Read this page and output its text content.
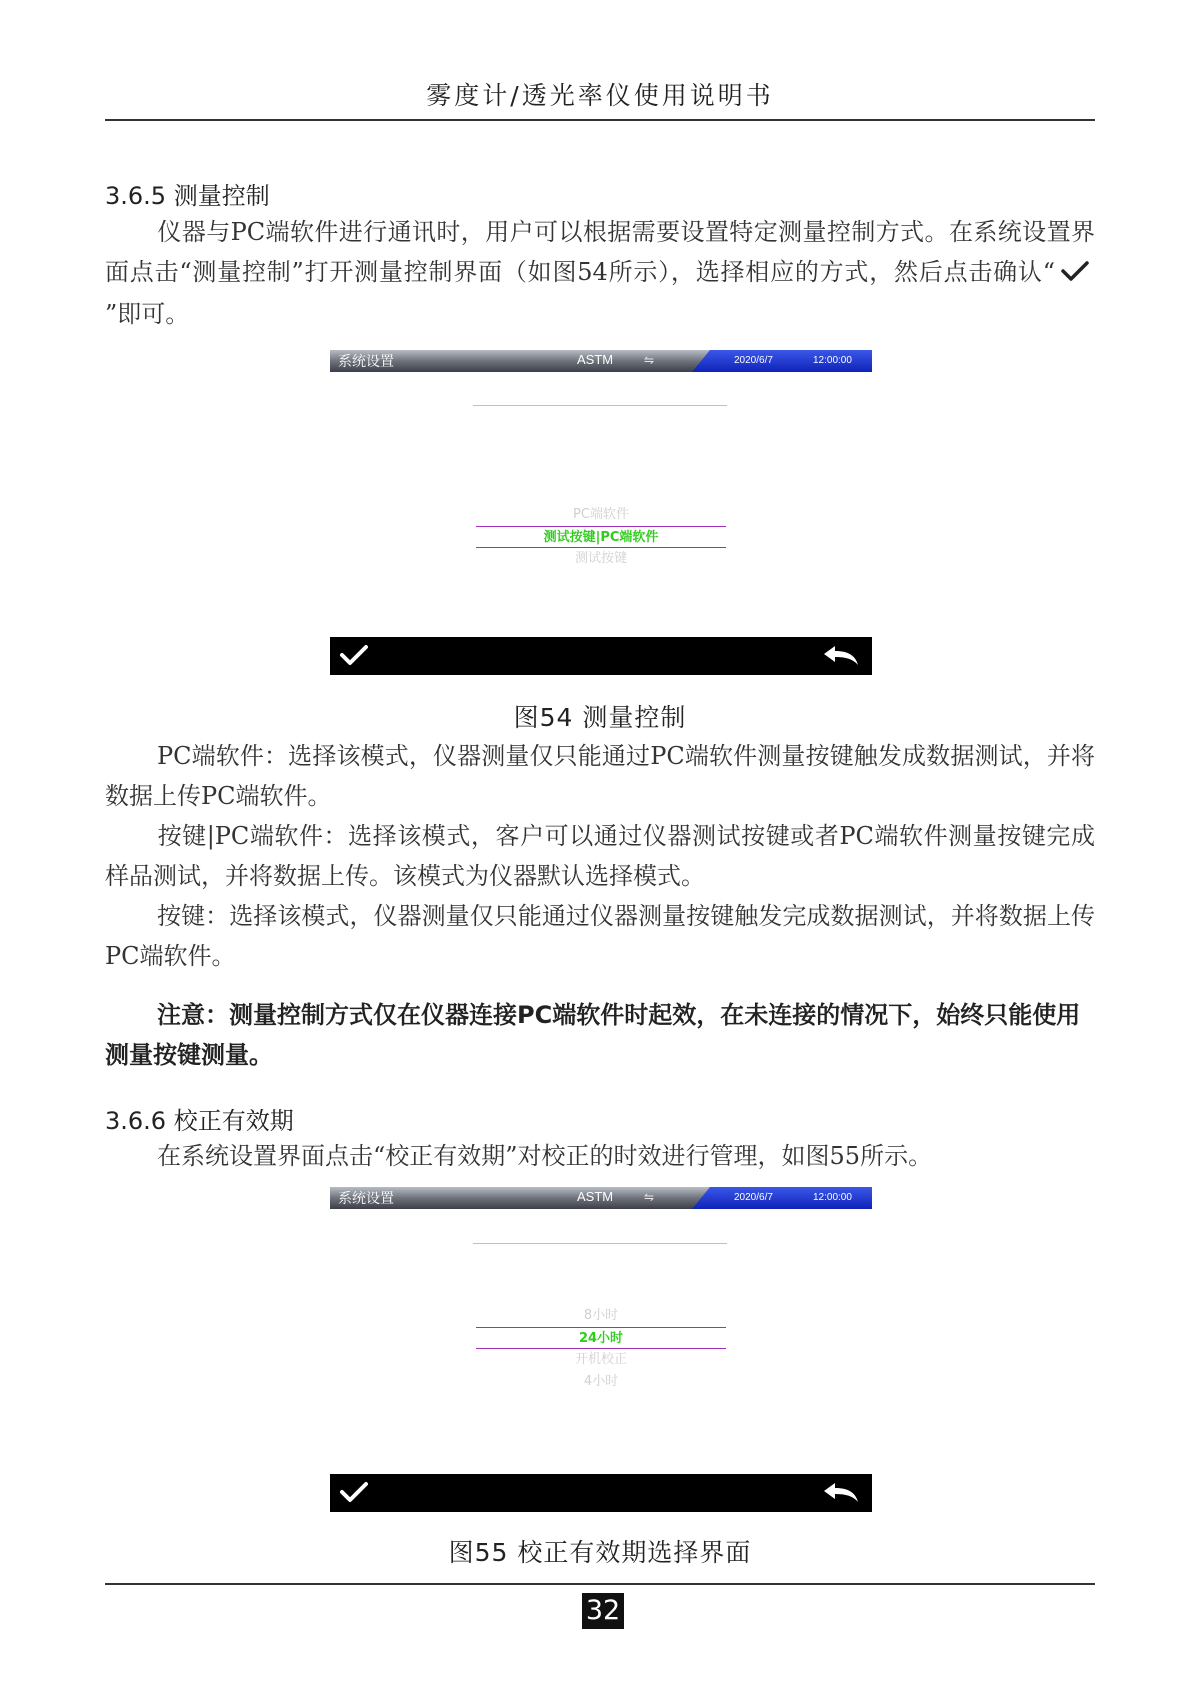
雾度计/透光率仪使用说明书
3.6.5 测量控制
仪器与PC端软件进行通讯时，用户可以根据需要设置特定测量控制方式。在系统设置界面点击“测量控制”打开测量控制界面（如图54所示），选择相应的方式，然后点击确认“”即可。
系统设置	ASTM	⇋	2020/6/7	12:00:00
PC端软件
测试按键|PC端软件
测试按键
图54 测量控制
PC端软件：选择该模式，仪器测量仅只能通过PC端软件测量按键触发成数据测试，并将数据上传PC端软件。
按键|PC端软件：选择该模式，客户可以通过仪器测试按键或者PC端软件测量按键完成样品测试，并将数据上传。该模式为仪器默认选择模式。
按键：选择该模式，仪器测量仅只能通过仪器测量按键触发完成数据测试，并将数据上传PC端软件。
注意：测量控制方式仅在仪器连接PC端软件时起效，在未连接的情况下，始终只能使用测量按键测量。
3.6.6 校正有效期
在系统设置界面点击“校正有效期”对校正的时效进行管理，如图55所示。
系统设置	ASTM	⇋	2020/6/7	12:00:00
8小时
24小时
开机校正
4小时
图55 校正有效期选择界面
32
